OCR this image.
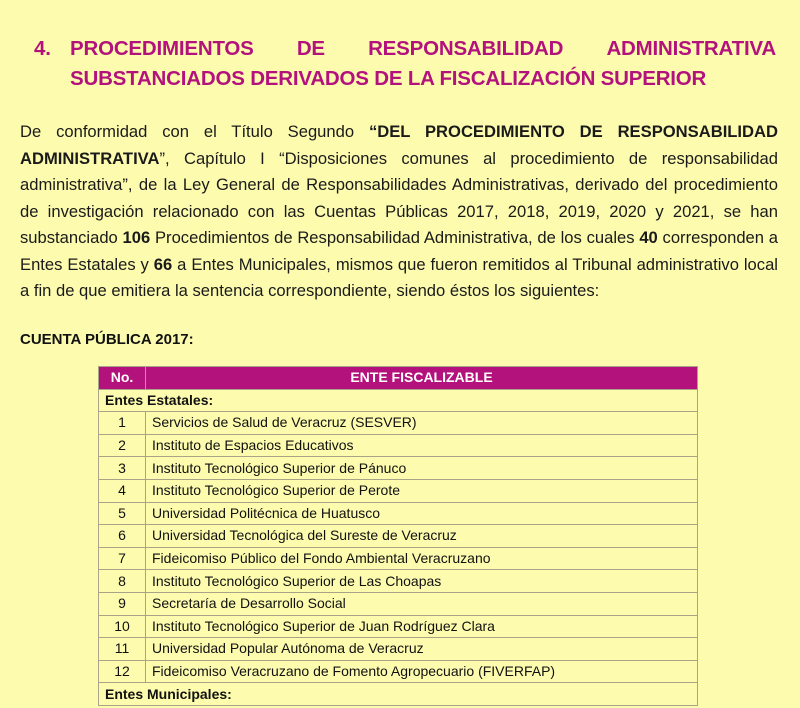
4. PROCEDIMIENTOS DE RESPONSABILIDAD ADMINISTRATIVA
SUBSTANCIADOS DERIVADOS DE LA FISCALIZACIÓN SUPERIOR
De conformidad con el Título Segundo “DEL PROCEDIMIENTO DE RESPONSABILIDAD ADMINISTRATIVA”, Capítulo I “Disposiciones comunes al procedimiento de responsabilidad administrativa”, de la Ley General de Responsabilidades Administrativas, derivado del procedimiento de investigación relacionado con las Cuentas Públicas 2017, 2018, 2019, 2020 y 2021, se han substanciado 106 Procedimientos de Responsabilidad Administrativa, de los cuales 40 corresponden a Entes Estatales y 66 a Entes Municipales, mismos que fueron remitidos al Tribunal administrativo local a fin de que emitiera la sentencia correspondiente, siendo éstos los siguientes:
CUENTA PÚBLICA 2017:
No.	ENTE FISCALIZABLE
Entes Estatales:	
1	Servicios de Salud de Veracruz (SESVER)
2	Instituto de Espacios Educativos
3	Instituto Tecnológico Superior de Pánuco
4	Instituto Tecnológico Superior de Perote
5	Universidad Politécnica de Huatusco
6	Universidad Tecnológica del Sureste de Veracruz
7	Fideicomiso Público del Fondo Ambiental Veracruzano
8	Instituto Tecnológico Superior de Las Choapas
9	Secretaría de Desarrollo Social
10	Instituto Tecnológico Superior de Juan Rodríguez Clara
11	Universidad Popular Autónoma de Veracruz
12	Fideicomiso Veracruzano de Fomento Agropecuario (FIVERFAP)
Entes Municipales:	
